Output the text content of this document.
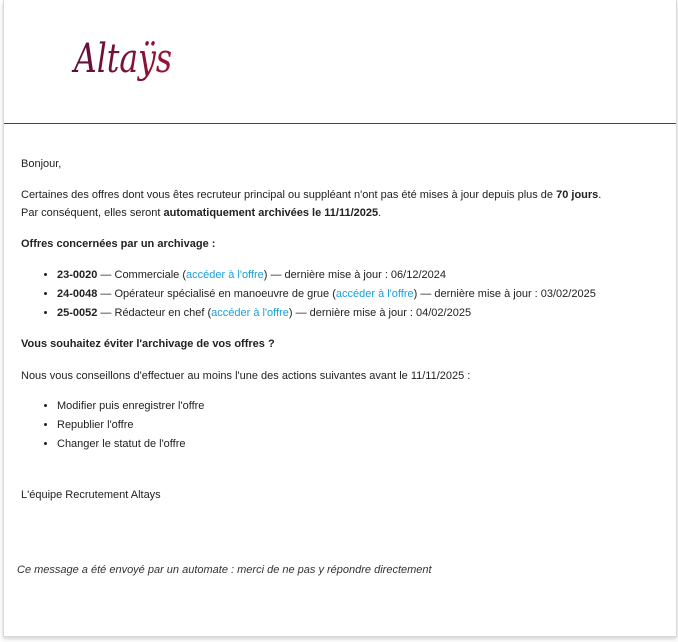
Altaÿs

Bonjour,

Certaines des offres dont vous êtes recruteur principal ou suppléant n'ont pas été mises à jour depuis plus de 70 jours.
Par conséquent, elles seront automatiquement archivées le 11/11/2025.

Offres concernées par un archivage :

• 23-0020 — Commerciale (accéder à l'offre) — dernière mise à jour : 06/12/2024
• 24-0048 — Opérateur spécialisé en manoeuvre de grue (accéder à l'offre) — dernière mise à jour : 03/02/2025
• 25-0052 — Rédacteur en chef (accéder à l'offre) — dernière mise à jour : 04/02/2025

Vous souhaitez éviter l'archivage de vos offres ?

Nous vous conseillons d'effectuer au moins l'une des actions suivantes avant le 11/11/2025 :

• Modifier puis enregistrer l'offre
• Republier l'offre
• Changer le statut de l'offre

L'équipe Recrutement Altays

Ce message a été envoyé par un automate : merci de ne pas y répondre directement
